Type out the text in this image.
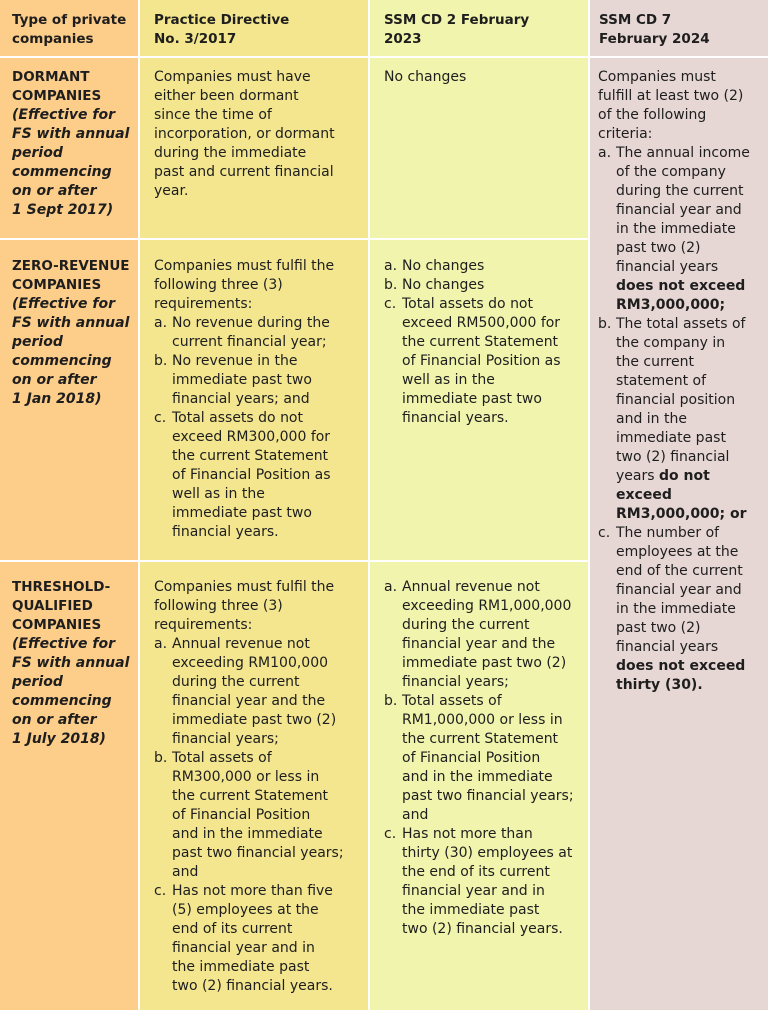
Type of private
companies
Practice Directive
No. 3/2017
SSM CD 2 February
2023
SSM CD 7
February 2024
DORMANT
COMPANIES
(Effective for
FS with annual
period
commencing
on or after
1 Sept 2017)
Companies must have
either been dormant
since the time of
incorporation, or dormant
during the immediate
past and current financial
year.
No changes
ZERO-REVENUE
COMPANIES
(Effective for
FS with annual
period
commencing
on or after
1 Jan 2018)
Companies must fulfil the
following three (3)
requirements:
a. No revenue during the
current financial year;
b. No revenue in the
immediate past two
financial years; and
c. Total assets do not
exceed RM300,000 for
the current Statement
of Financial Position as
well as in the
immediate past two
financial years.
a. No changes
b. No changes
c. Total assets do not
exceed RM500,000 for
the current Statement
of Financial Position as
well as in the
immediate past two
financial years.
THRESHOLD-
QUALIFIED
COMPANIES
(Effective for
FS with annual
period
commencing
on or after
1 July 2018)
Companies must fulfil the
following three (3)
requirements:
a. Annual revenue not
exceeding RM100,000
during the current
financial year and the
immediate past two (2)
financial years;
b. Total assets of
RM300,000 or less in
the current Statement
of Financial Position
and in the immediate
past two financial years;
and
c. Has not more than five
(5) employees at the
end of its current
financial year and in
the immediate past
two (2) financial years.
a. Annual revenue not
exceeding RM1,000,000
during the current
financial year and the
immediate past two (2)
financial years;
b. Total assets of
RM1,000,000 or less in
the current Statement
of Financial Position
and in the immediate
past two financial years;
and
c. Has not more than
thirty (30) employees at
the end of its current
financial year and in
the immediate past
two (2) financial years.
Companies must
fulfill at least two (2)
of the following
criteria:
a. The annual income
of the company
during the current
financial year and
in the immediate
past two (2)
financial years
does not exceed
RM3,000,000;
b. The total assets of
the company in
the current
statement of
financial position
and in the
immediate past
two (2) financial
years do not
exceed
RM3,000,000; or
c. The number of
employees at the
end of the current
financial year and
in the immediate
past two (2)
financial years
does not exceed
thirty (30).
